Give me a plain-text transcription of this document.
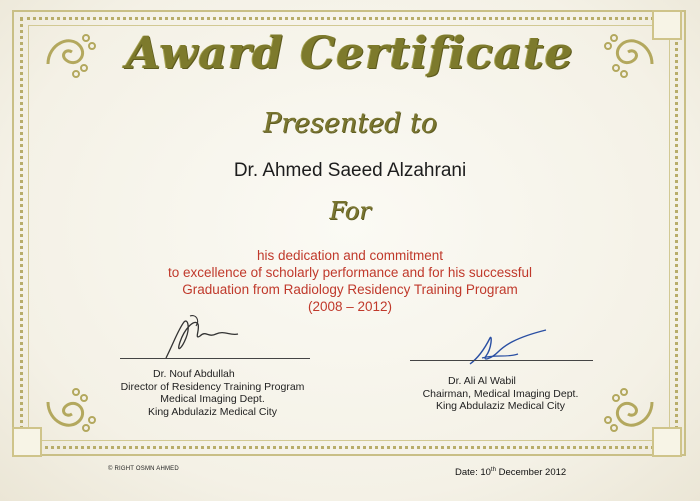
Award Certificate
Presented to
Dr. Ahmed Saeed Alzahrani
For
his dedication and commitment
to excellence of scholarly performance and for his successful
Graduation from Radiology Residency Training Program
(2008 – 2012)
Dr. Nouf Abdullah
Director of Residency Training Program
Medical Imaging Dept.
King Abdulaziz Medical City
Dr. Ali Al Wabil
Chairman, Medical Imaging Dept.
King Abdulaziz Medical City
© RIGHT OSMN AHMED	Date: 10th December 2012
